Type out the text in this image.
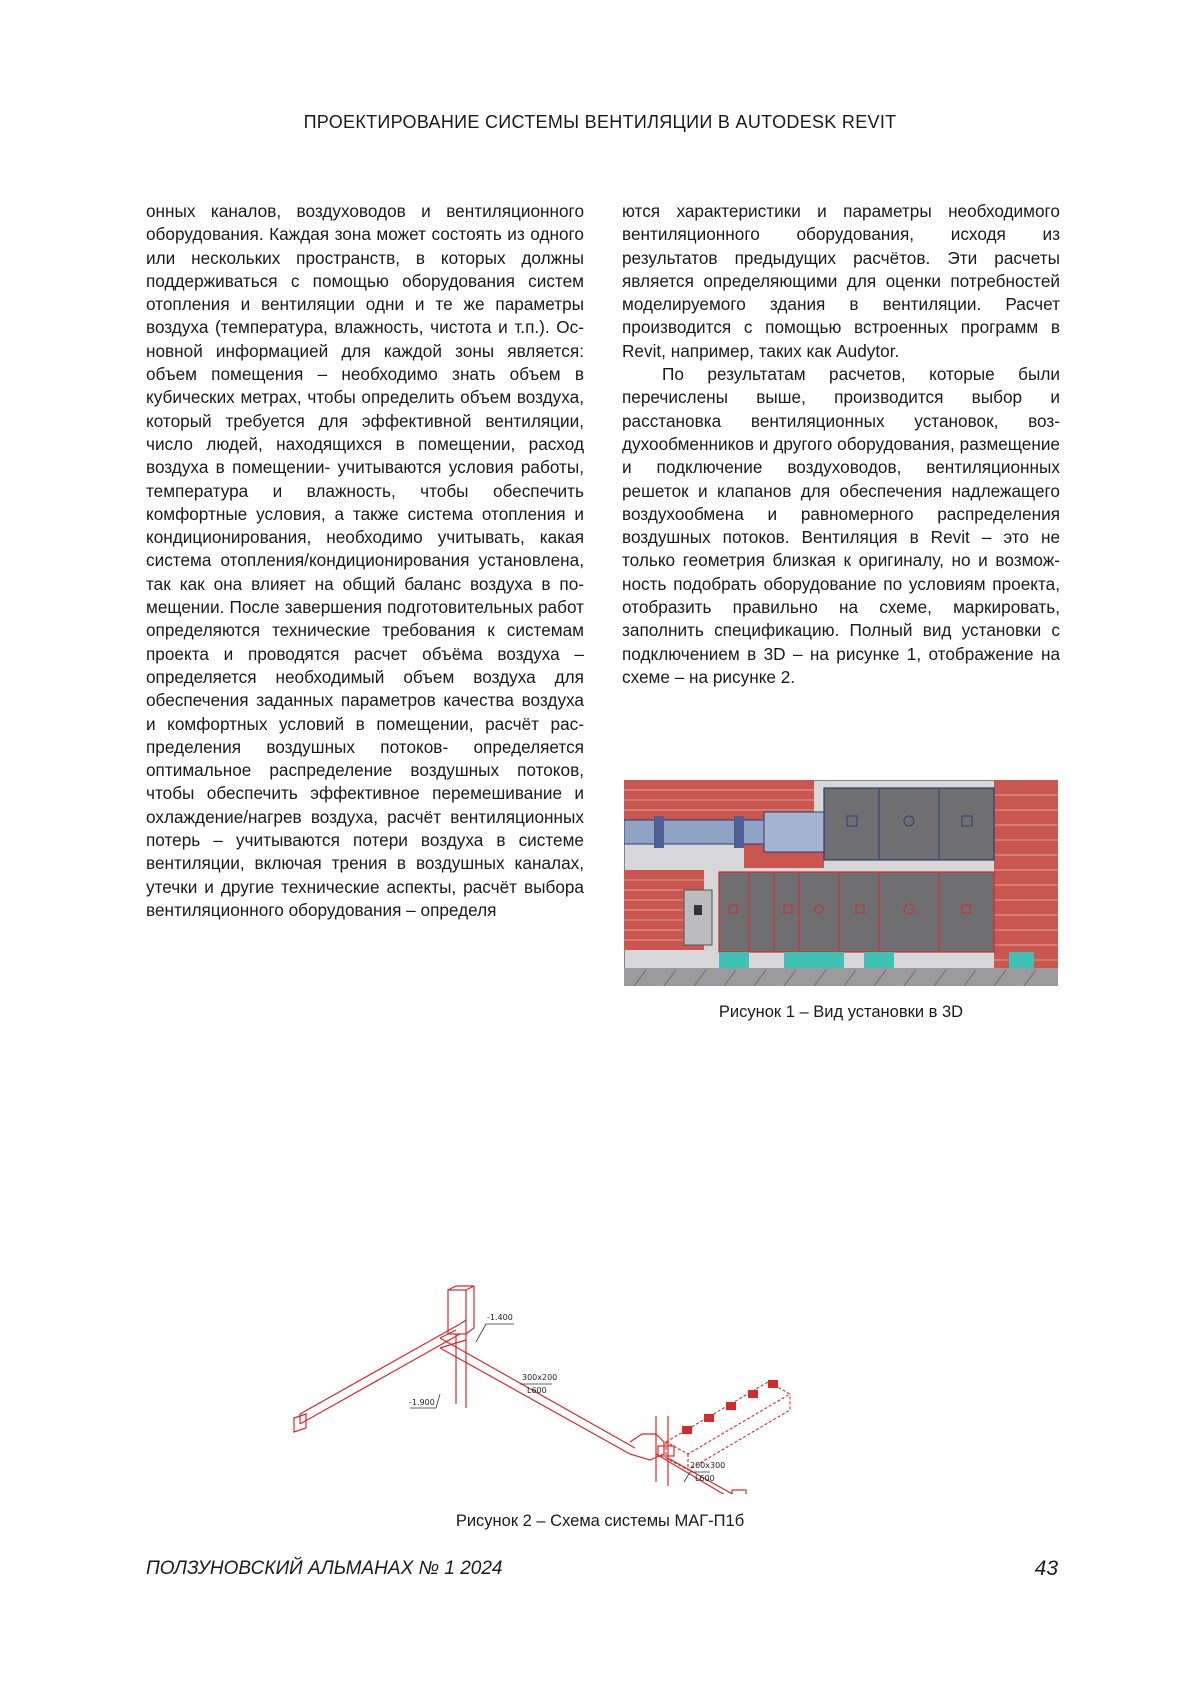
ПРОЕКТИРОВАНИЕ СИСТЕМЫ ВЕНТИЛЯЦИИ В AUTODESK REVIT

онных каналов, воздуховодов и вентиляционного оборудования. Каждая зона может состоять из одного или нескольких пространств, в которых должны поддерживаться с помощью оборудования систем отопления и вентиляции одни и те же параметры воздуха (температура, влажность, чистота и т.п.). Основной информацией для каждой зоны является: объем помещения – необходимо знать объем в кубических метрах, чтобы определить объем воздуха, который требуется для эффективной вентиляции, число людей, находящихся в помещении, расход воздуха в помещении- учитываются условия работы, температура и влажность, чтобы обеспечить комфортные условия, а также система отопления и кондиционирования, необходимо учитывать, какая система отопления/кондиционирования установлена, так как она влияет на общий баланс воздуха в помещении. После завершения подготовительных работ определяются технические требования к системам проекта и проводятся расчет объёма воздуха – определяется необходимый объем воздуха для обеспечения заданных параметров качества воздуха и комфортных условий в помещении, расчёт распределения воздушных потоков- определяется оптимальное распределение воздушных потоков, чтобы обеспечить эффективное перемешивание и охлаждение/нагрев воздуха, расчёт вентиляционных потерь – учитываются потери воздуха в системе вентиляции, включая трения в воздушных каналах, утечки и другие технические аспекты, расчёт выбора вентиляционного оборудования – определя

ются характеристики и параметры необходимого вентиляционного оборудования, исходя из результатов предыдущих расчётов. Эти расчеты является определяющими для оценки потребностей моделируемого здания в вентиляции. Расчет производится с помощью встроенных программ в Revit, например, таких как Audytor.

По результатам расчетов, которые были перечислены выше, производится выбор и расстановка вентиляционных установок, воздухообменников и другого оборудования, размещение и подключение воздуховодов, вентиляционных решеток и клапанов для обеспечения надлежащего воздухообмена и равномерного распределения воздушных потоков. Вентиляция в Revit – это не только геометрия близкая к оригиналу, но и возможность подобрать оборудование по условиям проекта, отобразить правильно на схеме, маркировать, заполнить спецификацию. Полный вид установки с подключением в 3D – на рисунке 1, отображение на схеме – на рисунке 2.

Рисунок 1 – Вид установки в 3D
-1.400
-1.900
300x200
L600
200x300
L600
Рисунок 2 – Схема системы МАГ-П1б
ПОЛЗУНОВСКИЙ АЛЬМАНАХ № 1 2024	43
